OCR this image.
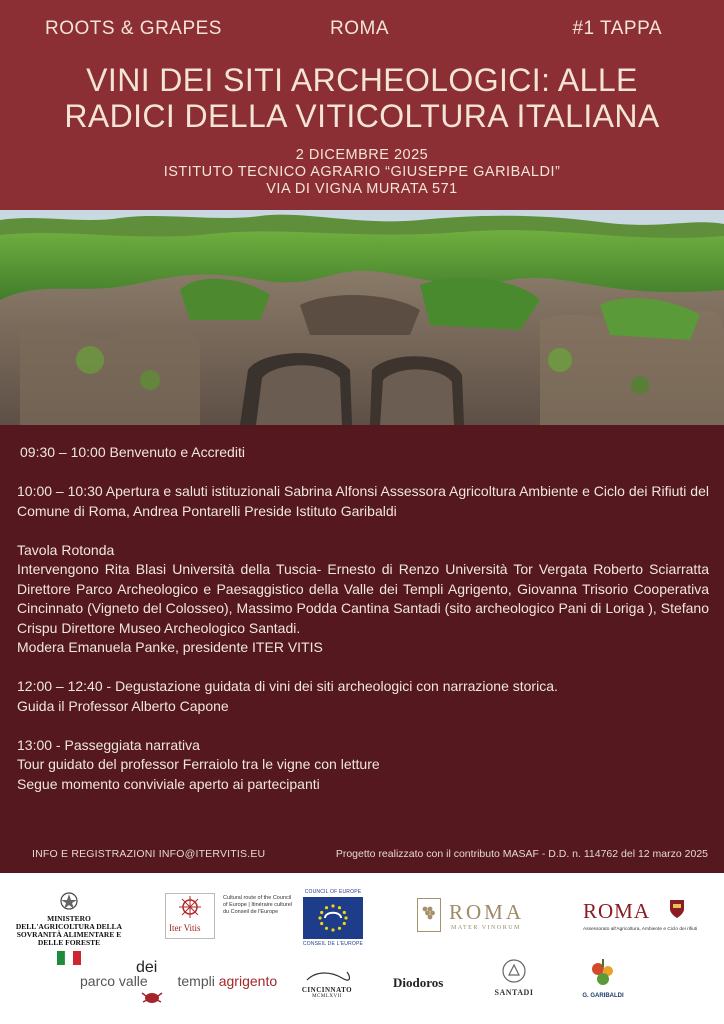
ROOTS & GRAPES	ROMA	#1 TAPPA
VINI DEI SITI ARCHEOLOGICI: ALLE
RADICI DELLA VITICOLTURA ITALIANA
2 DICEMBRE 2025
ISTITUTO TECNICO AGRARIO “GIUSEPPE GARIBALDI”
VIA DI VIGNA MURATA 571

09:30 – 10:00 Benvenuto e Accrediti

10:00 – 10:30 Apertura e saluti istituzionali Sabrina Alfonsi Assessora Agricoltura Ambiente e Ciclo dei Rifiuti del Comune di Roma, Andrea Pontarelli Preside Istituto Garibaldi

Tavola Rotonda
Intervengono Rita Blasi Università della Tuscia- Ernesto di Renzo Università Tor Vergata Roberto Sciarratta Direttore Parco Archeologico e Paesaggistico della Valle dei Templi Agrigento, Giovanna Trisorio Cooperativa Cincinnato (Vigneto del Colosseo), Massimo Podda Cantina Santadi (sito archeologico Pani di Loriga ), Stefano Crispu Direttore Museo Archeologico Santadi.
Modera Emanuela Panke, presidente ITER VITIS

12:00 – 12:40 - Degustazione guidata di vini dei siti archeologici con narrazione storica.
Guida il Professor Alberto Capone

13:00 - Passeggiata narrativa
Tour guidato del professor Ferraiolo tra le vigne con letture
Segue momento conviviale aperto ai partecipanti

INFO E REGISTRAZIONI INFO@ITERVITIS.EU	Progetto realizzato con il contributo MASAF - D.D. n. 114762 del 12 marzo 2025
MINISTERO DELL'AGRICOLTURA DELLA SOVRANITÀ ALIMENTARE E DELLE FORESTE
Iter Vitis
Cultural route of the Council of Europe | Itinéraire culturel du Conseil de l'Europe
COUNCIL OF EUROPE
CONSEIL DE L'EUROPE
ROMA
MATER VINORUM
ROMA
Assessorato all'Agricoltura, Ambiente e Ciclo dei rifiuti
dei
parco valle templi agrigento
CINCINNATO
MCMLXVII
Diodoros
SANTADI	G. GARIBALDI
